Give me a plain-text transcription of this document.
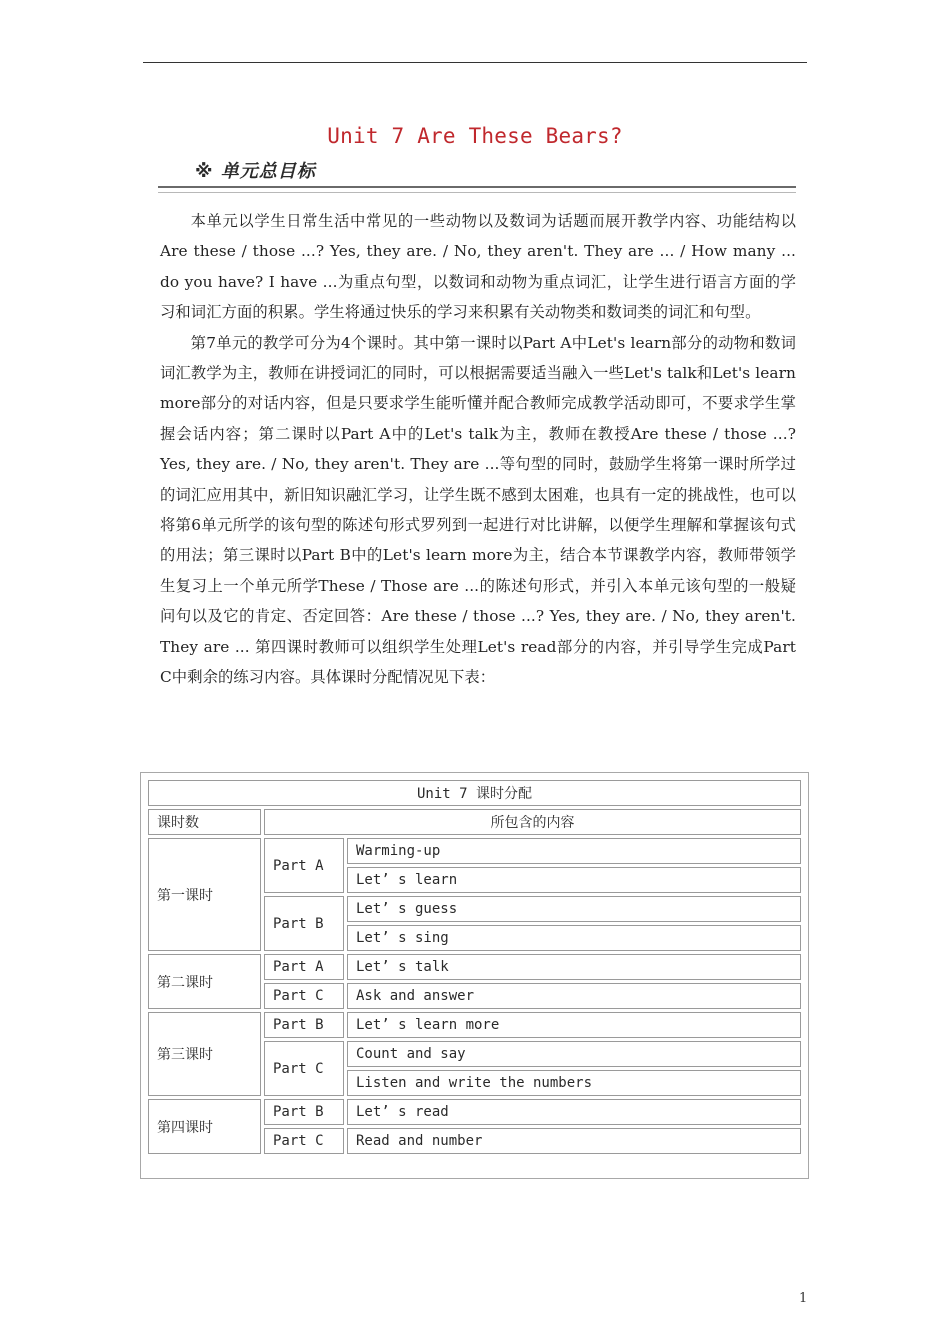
Unit 7 Are These Bears?
※ 单元总目标

本单元以学生日常生活中常见的一些动物以及数词为话题而展开教学内容、功能结构以Are these / those ...? Yes, they are. / No, they aren't. They are ... / How many ... do you have? I have ...为重点句型，以数词和动物为重点词汇，让学生进行语言方面的学习和词汇方面的积累。学生将通过快乐的学习来积累有关动物类和数词类的词汇和句型。

第7单元的教学可分为4个课时。其中第一课时以Part A中Let's learn部分的动物和数词词汇教学为主，教师在讲授词汇的同时，可以根据需要适当融入一些Let's talk和Let's learn more部分的对话内容，但是只要求学生能听懂并配合教师完成教学活动即可，不要求学生掌握会话内容；第二课时以Part A中的Let's talk为主，教师在教授Are these / those ...? Yes, they are. / No, they aren't. They are ...等句型的同时，鼓励学生将第一课时所学过的词汇应用其中，新旧知识融汇学习，让学生既不感到太困难，也具有一定的挑战性，也可以将第6单元所学的该句型的陈述句形式罗列到一起进行对比讲解，以便学生理解和掌握该句式的用法；第三课时以Part B中的Let's learn more为主，结合本节课教学内容，教师带领学生复习上一个单元所学These / Those are ...的陈述句形式，并引入本单元该句型的一般疑问句以及它的肯定、否定回答：Are these / those ...? Yes, they are. / No, they aren't. They are ... 第四课时教师可以组织学生处理Let's read部分的内容，并引导学生完成Part C中剩余的练习内容。具体课时分配情况见下表：

Unit 7 课时分配		
课时数	所包含的内容	
第一课时	Part A	Warming-up
		Let’ s learn
	Part B	Let’ s guess
		Let’ s sing
第二课时	Part A	Let’ s talk
	Part C	Ask and answer
第三课时	Part B	Let’ s learn more
	Part C	Count and say
		Listen and write the numbers
第四课时	Part B	Let’ s read
	Part C	Read and number
1
